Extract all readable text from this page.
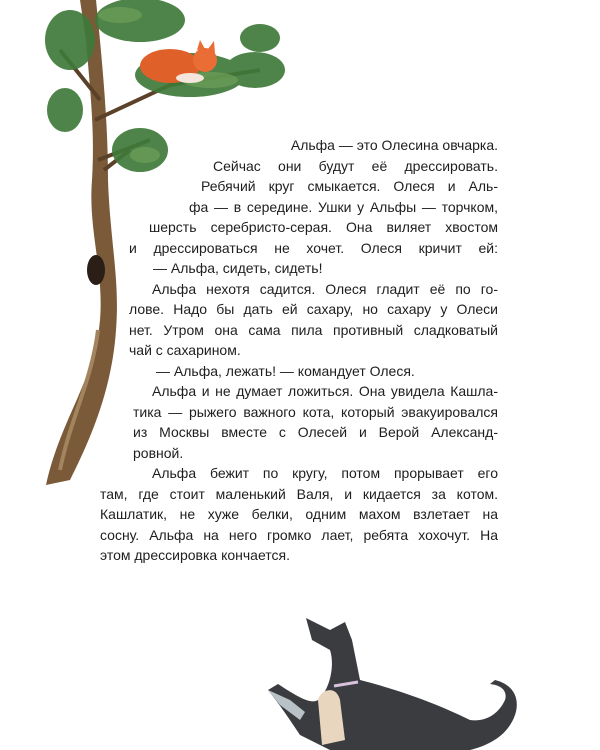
Альфа — это Олесина овчарка.
Сейчас они будут её дрессировать.
Ребячий круг смыкается. Олеся и Аль-
фа — в середине. Ушки у Альфы — торчком,
шерсть серебристо-серая. Она виляет хвостом
и дрессироваться не хочет. Олеся кричит ей:
— Альфа, сидеть, сидеть!
Альфа нехотя садится. Олеся гладит её по го-
лове. Надо бы дать ей сахару, но сахару у Олеси
нет. Утром она сама пила противный сладковатый
чай с сахарином.
— Альфа, лежать! — командует Олеся.
Альфа и не думает ложиться. Она увидела Кашла-
тика — рыжего важного кота, который эвакуировался
из Москвы вместе с Олесей и Верой Александ-
ровной.
Альфа бежит по кругу, потом прорывает его
там, где стоит маленький Валя, и кидается за котом.
Кашлатик, не хуже белки, одним махом взлетает на
сосну. Альфа на него громко лает, ребята хохочут. На
этом дрессировка кончается.
